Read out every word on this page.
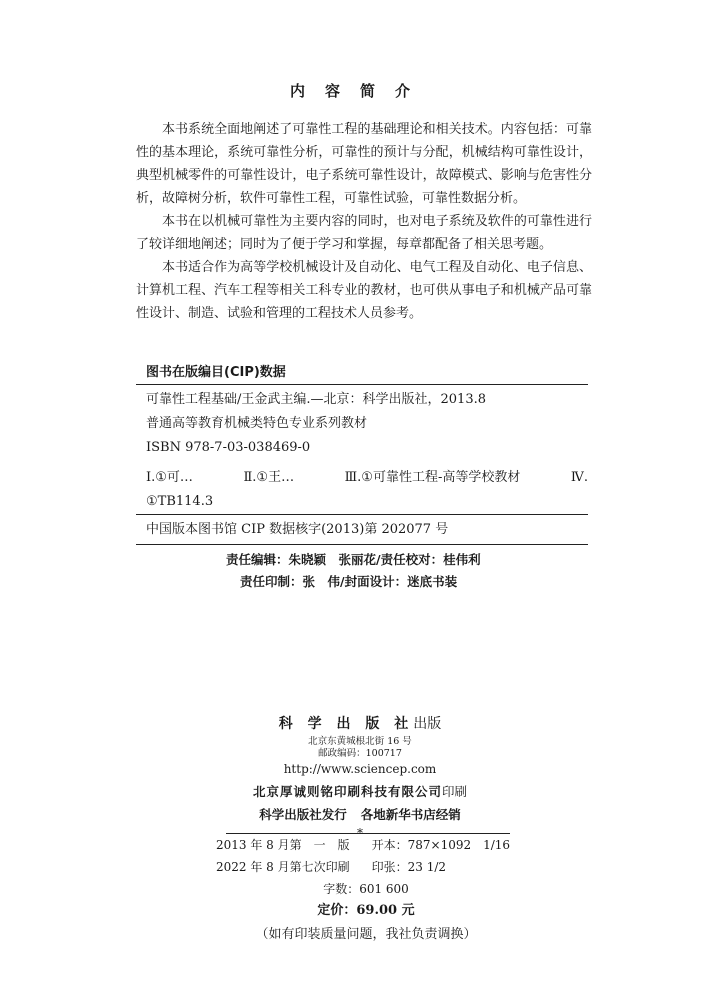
内容简介

本书系统全面地阐述了可靠性工程的基础理论和相关技术。内容包括：可靠性的基本理论，系统可靠性分析，可靠性的预计与分配，机械结构可靠性设计，典型机械零件的可靠性设计，电子系统可靠性设计，故障模式、影响与危害性分析，故障树分析，软件可靠性工程，可靠性试验，可靠性数据分析。

本书在以机械可靠性为主要内容的同时，也对电子系统及软件的可靠性进行了较详细地阐述；同时为了便于学习和掌握，每章都配备了相关思考题。

本书适合作为高等学校机械设计及自动化、电气工程及自动化、电子信息、计算机工程、汽车工程等相关工科专业的教材，也可供从事电子和机械产品可靠性设计、制造、试验和管理的工程技术人员参考。

图书在版编目(CIP)数据
可靠性工程基础/王金武主编.—北京：科学出版社，2013.8
普通高等教育机械类特色专业系列教材
ISBN 978-7-03-038469-0
Ⅰ.①可…	Ⅱ.①王…	Ⅲ.①可靠性工程-高等学校教材	Ⅳ.
①TB114.3
中国版本图书馆 CIP 数据核字(2013)第 202077 号
责任编辑：朱晓颖　张丽花/责任校对：桂伟利
责任印制：张　伟/封面设计：迷底书装
科 学 出 版 社出版
北京东黄城根北街 16 号
邮政编码：100717
http://www.sciencep.com
北京厚诚则铭印刷科技有限公司印刷
科学出版社发行 各地新华书店经销
*
2013 年 8 月第　一　版 开本：787×1092　1/16
2022 年 8 月第七次印刷 印张：23 1/2
字数：601 600
定价：69.00 元
（如有印装质量问题，我社负责调换）
